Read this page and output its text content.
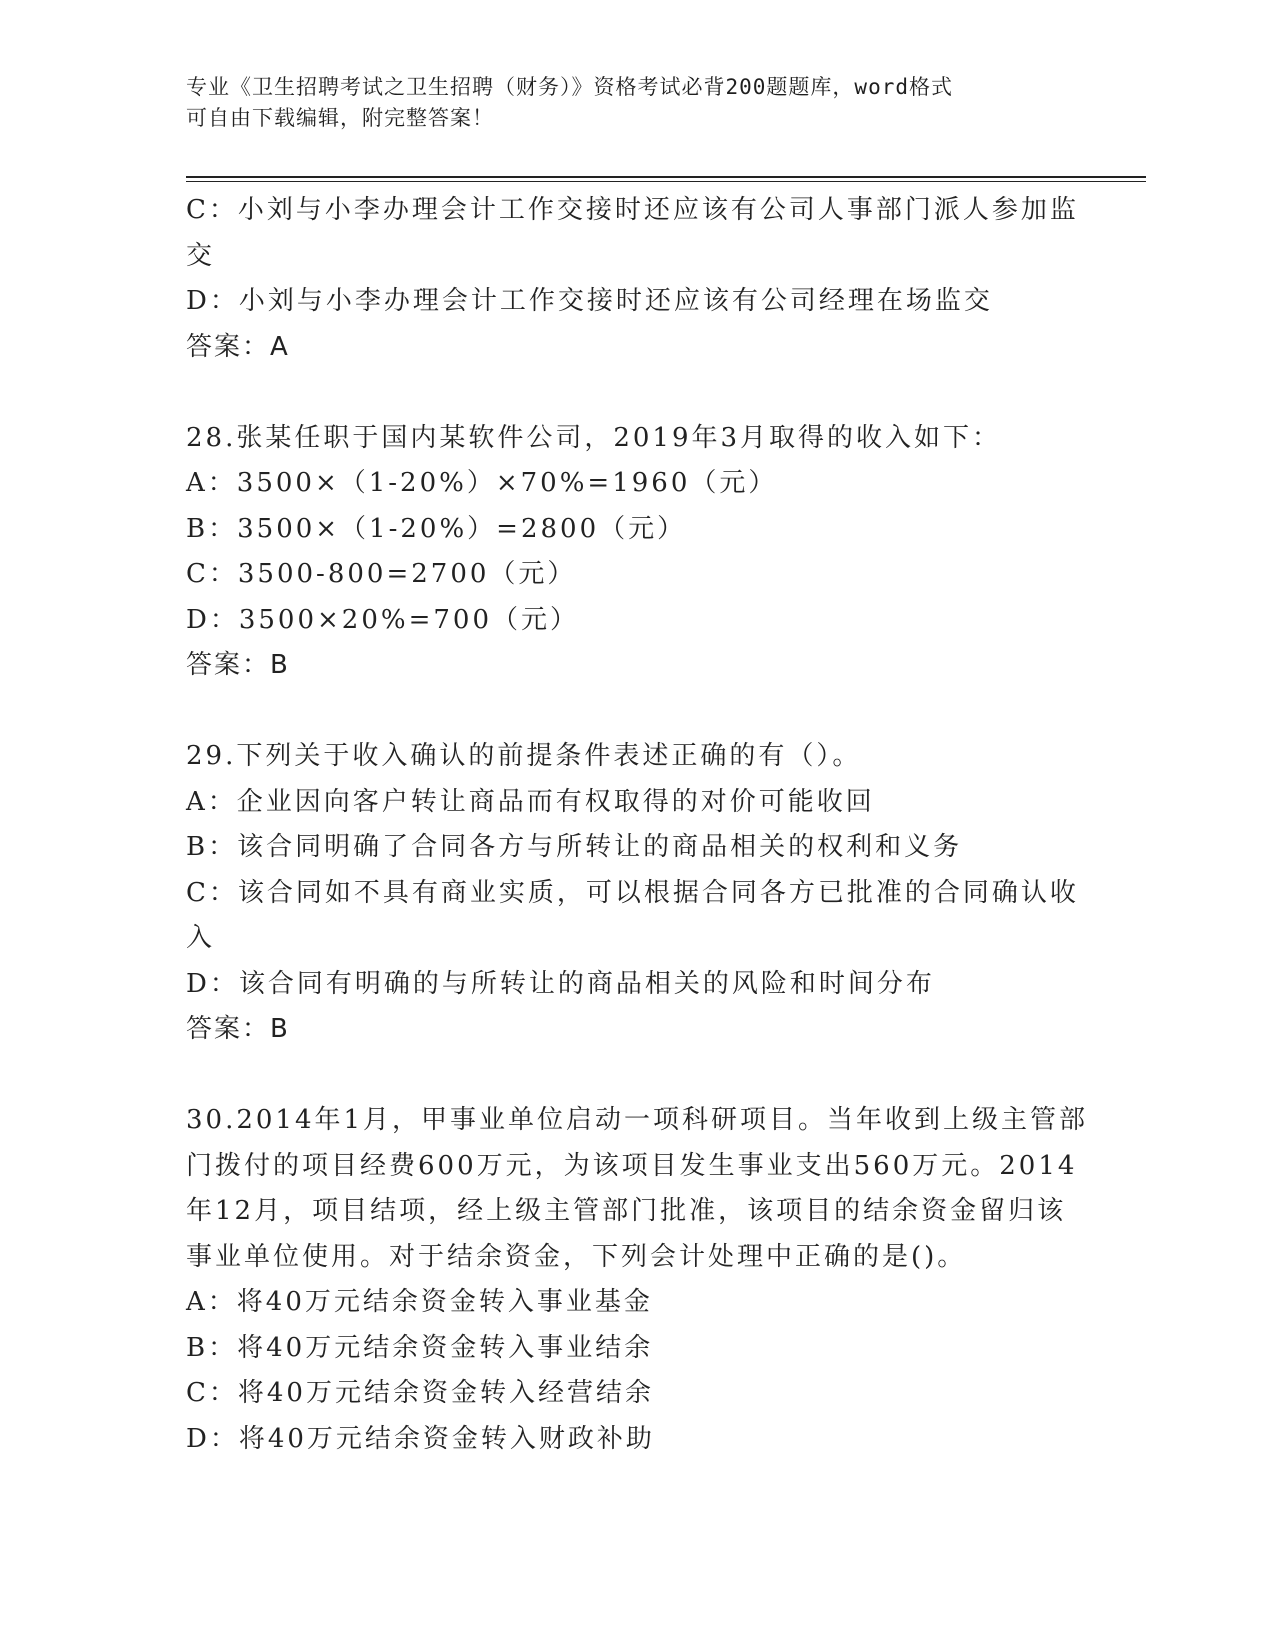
专业《卫生招聘考试之卫生招聘（财务）》资格考试必背200题题库，word格式
可自由下载编辑，附完整答案！
C：小刘与小李办理会计工作交接时还应该有公司人事部门派人参加监
交
D：小刘与小李办理会计工作交接时还应该有公司经理在场监交
答案：A
28.张某任职于国内某软件公司，2019年3月取得的收入如下：
A：3500×（1-20%）×70%=1960（元）
B：3500×（1-20%）=2800（元）
C：3500-800=2700（元）
D：3500×20%=700（元）
答案：B
29.下列关于收入确认的前提条件表述正确的有（）。
A：企业因向客户转让商品而有权取得的对价可能收回
B：该合同明确了合同各方与所转让的商品相关的权利和义务
C：该合同如不具有商业实质，可以根据合同各方已批准的合同确认收
入
D：该合同有明确的与所转让的商品相关的风险和时间分布
答案：B
30.2014年1月，甲事业单位启动一项科研项目。当年收到上级主管部
门拨付的项目经费600万元，为该项目发生事业支出560万元。2014
年12月，项目结项，经上级主管部门批准，该项目的结余资金留归该
事业单位使用。对于结余资金，下列会计处理中正确的是()。
A：将40万元结余资金转入事业基金
B：将40万元结余资金转入事业结余
C：将40万元结余资金转入经营结余
D：将40万元结余资金转入财政补助
